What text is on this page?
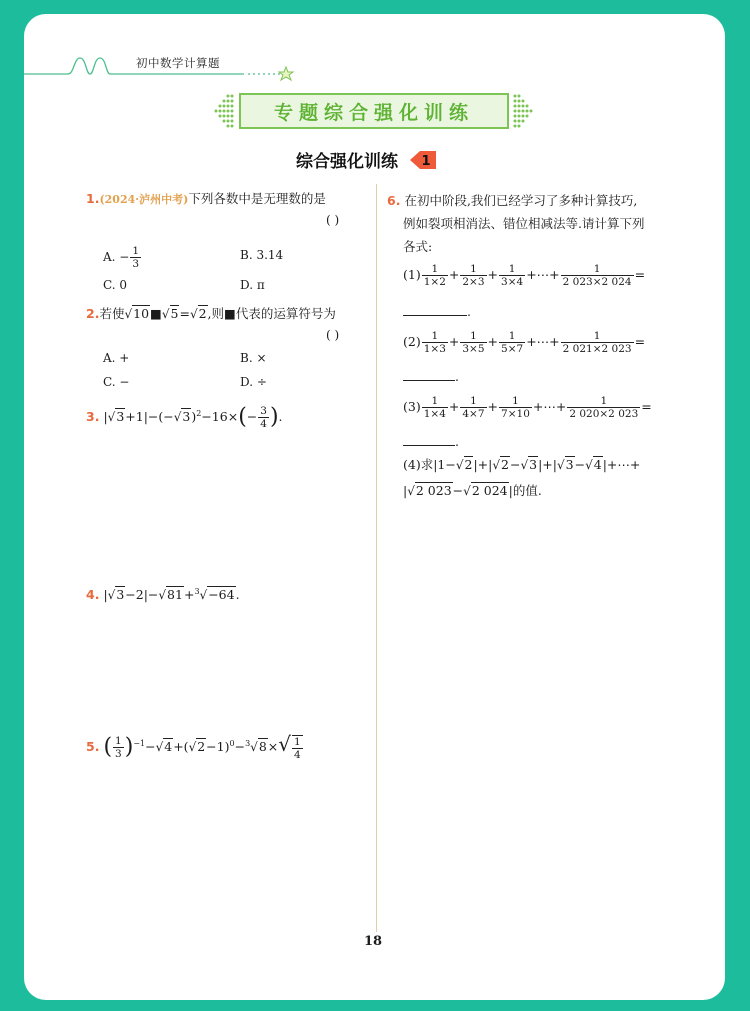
初中数学计算题
专题综合强化训练
综合强化训练 1
1.(2024·泸州中考)下列各数中是无理数的是
( )
A. − $\frac{1}{3}$	B. 3.14
C. 0	D. π
2.若使√10■√5=√2,则■代表的运算符号为
( )
A. +	B. ×
C. −	D. ÷
3. $|√3+1|-(-√3)^2-16\times(- \frac{3}{4}$ ).
4. |√3−2|−√81+$^3$√−64.
5. ( $\frac{1}{3} )^{-1}-√4+(√2-1)^0-^3√8\times√ \frac{1}{4}$
6. 在初中阶段,我们已经学习了多种计算技巧,
例如裂项相消法、错位相减法等.请计算下列
各式:
$(1) \frac{1}{1\times 2} + \frac{1}{2\times 3} + \frac{1}{3\times 4}$ +⋯+ $\frac{1}{2 023\times 2 024}$ =
.
$(2) \frac{1}{1\times 3} + \frac{1}{3\times 5} + \frac{1}{5\times 7}$ +⋯+ $\frac{1}{2 021\times 2 023}$ =
.
$(3) \frac{1}{1\times 4} + \frac{1}{4\times 7} + \frac{1}{7\times 10}$ +⋯+ $\frac{1}{2 020\times 2 023}$ =
.
(4)求|1−√2|+|√2−√3|+|√3−√4|+⋯+
|√2 023−√2 024|的值.
18
